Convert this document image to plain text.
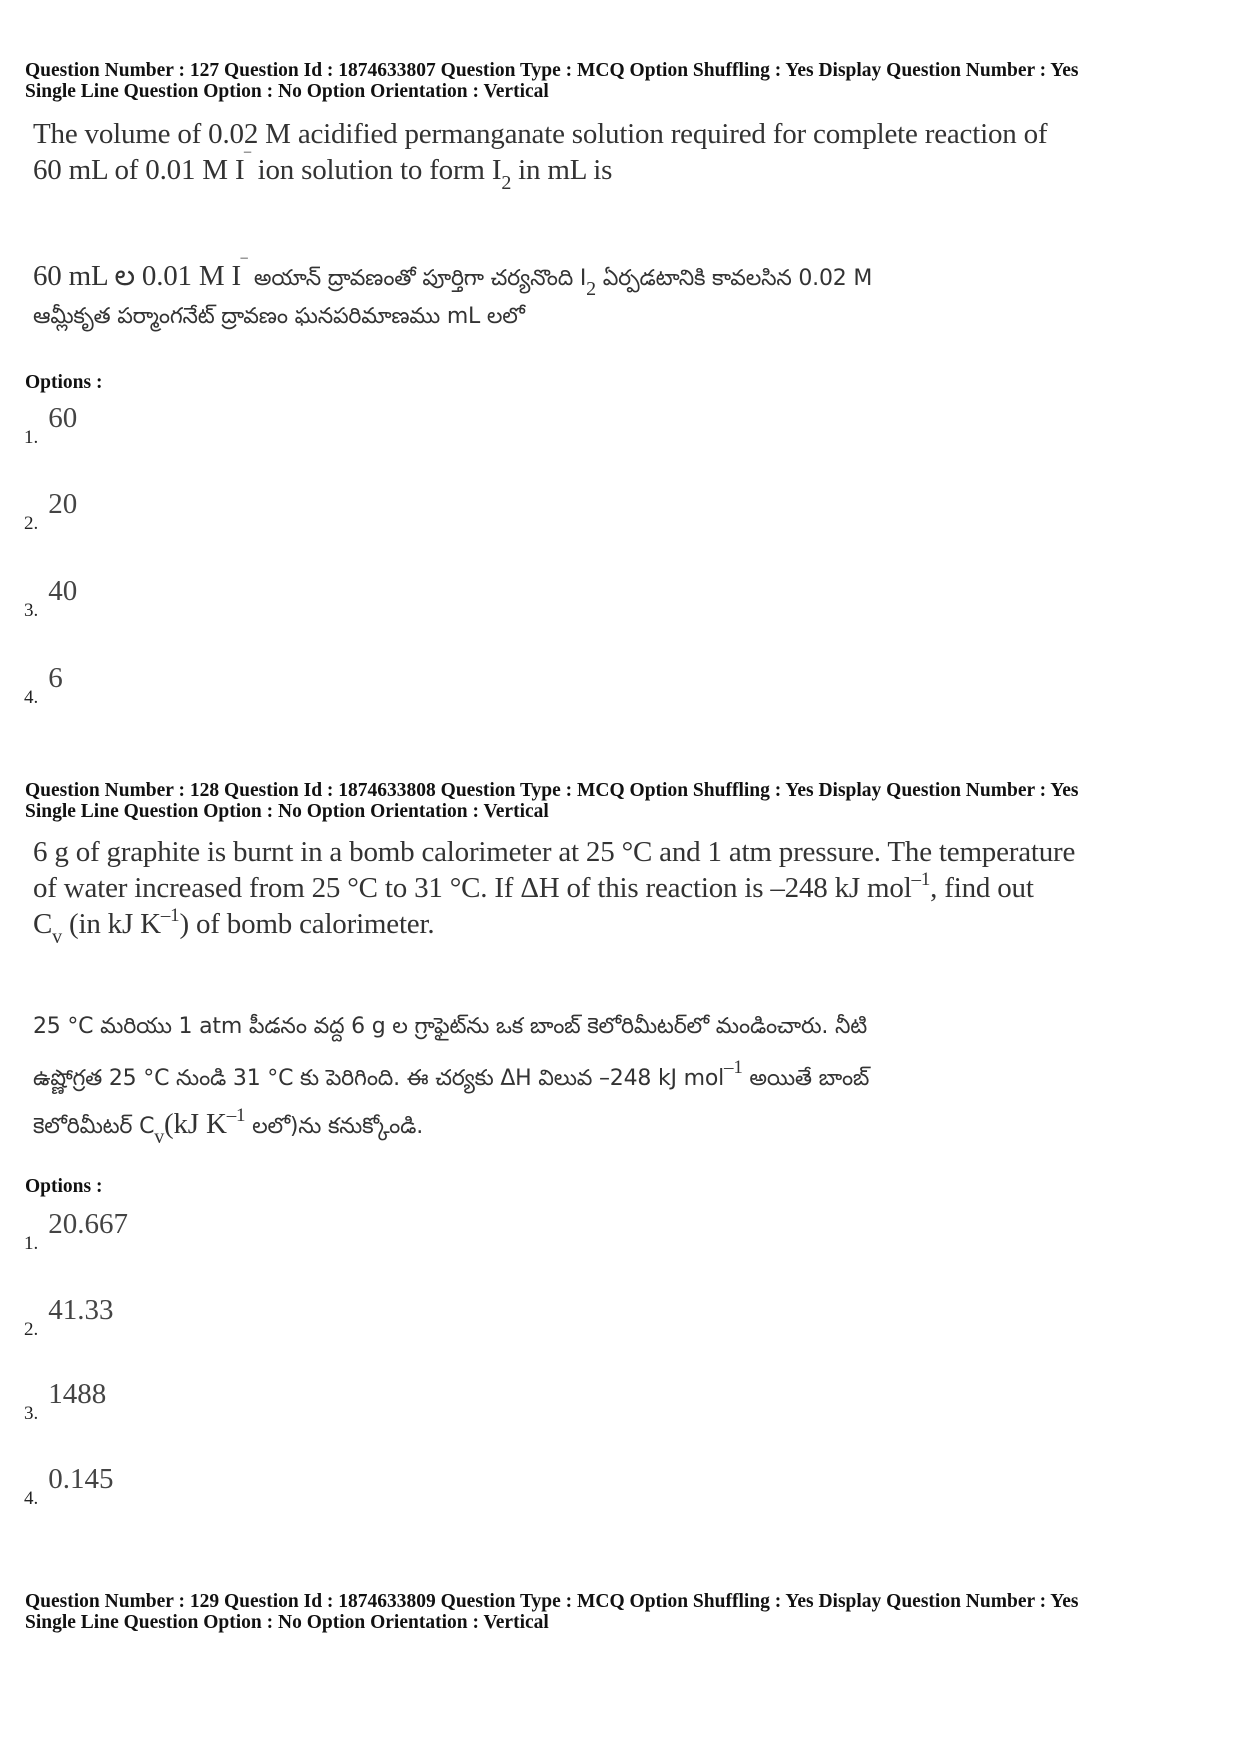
Question Number : 127 Question Id : 1874633807 Question Type : MCQ Option Shuffling : Yes Display Question Number : Yes
Single Line Question Option : No Option Orientation : Vertical
The volume of 0.02 M acidified permanganate solution required for complete reaction of
60 mL of 0.01 M I‾ ion solution to form $I_2$ in mL is
60 mL ల 0.01 M I‾ అయాన్ ద్రావణంతో పూర్తిగా చర్యనొంది $I_2$ ఏర్పడటానికి కావలసిన 0.02 M
ఆమ్లీకృత పర్మాంగనేట్ ద్రావణం ఘనపరిమాణము mL లలో
Options :
1.60
2.20
3.40
4.6
Question Number : 128 Question Id : 1874633808 Question Type : MCQ Option Shuffling : Yes Display Question Number : Yes
Single Line Question Option : No Option Orientation : Vertical
6 g of graphite is burnt in a bomb calorimeter at 25 °C and 1 atm pressure. The temperature
of water increased from 25 °C to 31 °C. If ΔH of this reaction is –248 kJ mol$^{-1}$, find out
$C_v$ (in kJ $K^{-1}$) of bomb calorimeter.
25 °C మరియు 1 atm పీడనం వద్ద 6 g ల గ్రాఫైట్‌ను ఒక బాంబ్ కెలోరిమీటర్‌లో మండించారు. నీటి
ఉష్ణోగ్రత 25 °C నుండి 31 °C కు పెరిగింది. ఈ చర్యకు ΔH విలువ –248 kJ mol$^{-1}$ అయితే బాంబ్
కెలోరిమీటర్ $C_v(kJ$ $K^{-1}$ లలో)ను కనుక్కోండి.
Options :
1.20.667
2.41.33
3.1488
4.0.145
Question Number : 129 Question Id : 1874633809 Question Type : MCQ Option Shuffling : Yes Display Question Number : Yes
Single Line Question Option : No Option Orientation : Vertical
